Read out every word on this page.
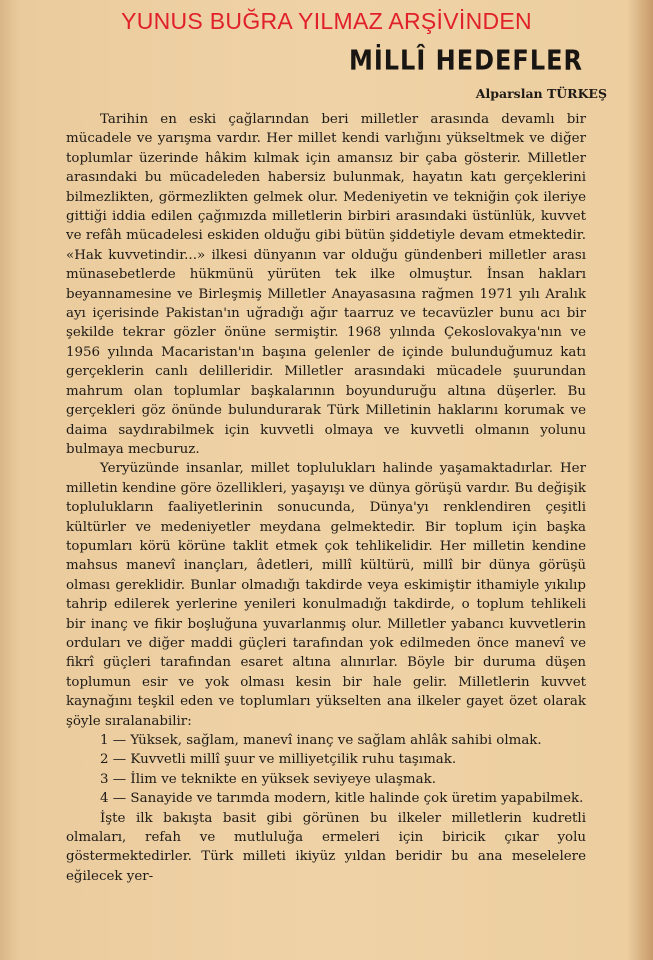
YUNUS BUĞRA YILMAZ ARŞİVİNDEN
MİLLÎ HEDEFLER
Alparslan TÜRKEŞ

Tarihin en eski çağlarından beri milletler arasında devamlı bir mücadele ve yarışma vardır. Her millet kendi varlığını yükseltmek ve diğer toplumlar üzerinde hâkim kılmak için amansız bir çaba gösterir. Milletler arasındaki bu mücadeleden habersiz bulunmak, hayatın katı gerçeklerini bilmezlikten, görmezlikten gelmek olur. Medeniyetin ve tekniğin çok ileriye gittiği iddia edilen çağımızda milletlerin birbiri arasındaki üstünlük, kuvvet ve refâh mücadelesi eskiden olduğu gibi bütün şiddetiyle devam etmektedir. «Hak kuvvetindir...» ilkesi dünyanın var olduğu gündenberi milletler arası münasebetlerde hükmünü yürüten tek ilke olmuştur. İnsan hakları beyannamesine ve Birleşmiş Milletler Anayasasına rağmen 1971 yılı Aralık ayı içerisinde Pakistan'ın uğradığı ağır taarruz ve tecavüzler bunu acı bir şekilde tekrar gözler önüne sermiştir. 1968 yılında Çekoslovakya'nın ve 1956 yılında Macaristan'ın başına gelenler de içinde bulunduğumuz katı gerçeklerin canlı delilleridir. Milletler arasındaki mücadele şuurundan mahrum olan toplumlar başkalarının boyunduruğu altına düşerler. Bu gerçekleri göz önünde bulundurarak Türk Milletinin haklarını korumak ve daima saydırabilmek için kuvvetli olmaya ve kuvvetli olmanın yolunu bulmaya mecburuz.

Yeryüzünde insanlar, millet toplulukları halinde yaşamaktadırlar. Her milletin kendine göre özellikleri, yaşayışı ve dünya görüşü vardır. Bu değişik toplulukların faaliyetlerinin sonucunda, Dünya'yı renklendiren çeşitli kültürler ve medeniyetler meydana gelmektedir. Bir toplum için başka topumları körü körüne taklit etmek çok tehlikelidir. Her milletin kendine mahsus manevî inançları, âdetleri, millî kültürü, millî bir dünya görüşü olması gereklidir. Bunlar olmadığı takdirde veya eskimiştir ithamiyle yıkılıp tahrip edilerek yerlerine yenileri konulmadığı takdirde, o toplum tehlikeli bir inanç ve fikir boşluğuna yuvarlanmış olur. Milletler yabancı kuvvetlerin orduları ve diğer maddi güçleri tarafından yok edilmeden önce manevî ve fikrî güçleri tarafından esaret altına alınırlar. Böyle bir duruma düşen toplumun esir ve yok olması kesin bir hale gelir. Milletlerin kuvvet kaynağını teşkil eden ve toplumları yükselten ana ilkeler gayet özet olarak şöyle sıralanabilir:

1 — Yüksek, sağlam, manevî inanç ve sağlam ahlâk sahibi olmak.

2 — Kuvvetli millî şuur ve milliyetçilik ruhu taşımak.

3 — İlim ve teknikte en yüksek seviyeye ulaşmak.

4 — Sanayide ve tarımda modern, kitle halinde çok üretim yapabilmek.

İşte ilk bakışta basit gibi görünen bu ilkeler milletlerin kudretli olmaları, refah ve mutluluğa ermeleri için biricik çıkar yolu göstermektedirler. Türk milleti ikiyüz yıldan beridir bu ana meselelere eğilecek yer-
